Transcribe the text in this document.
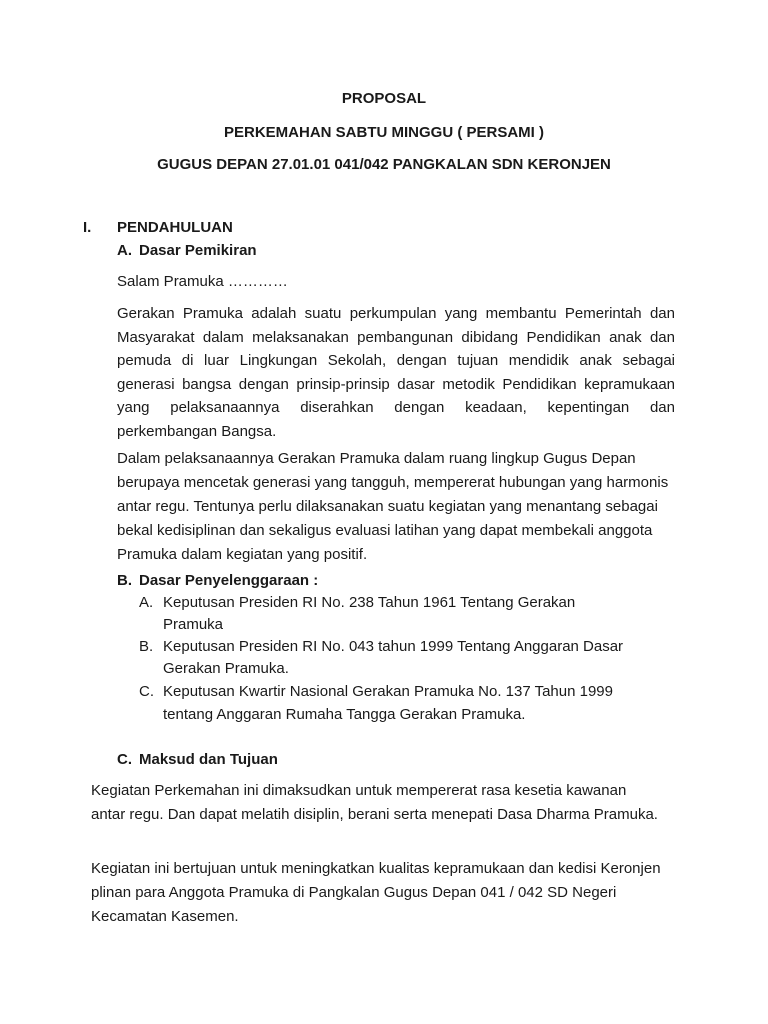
PROPOSAL
PERKEMAHAN SABTU MINGGU ( PERSAMI )
GUGUS DEPAN 27.01.01 041/042 PANGKALAN SDN KERONJEN
I. PENDAHULUAN
A. Dasar Pemikiran
Salam Pramuka …………
Gerakan Pramuka adalah suatu perkumpulan yang membantu Pemerintah dan Masyarakat dalam melaksanakan pembangunan dibidang Pendidikan anak dan pemuda di luar Lingkungan Sekolah, dengan tujuan mendidik anak sebagai generasi bangsa dengan prinsip-prinsip dasar metodik Pendidikan kepramukaan yang pelaksanaannya diserahkan dengan keadaan, kepentingan dan perkembangan Bangsa.
Dalam pelaksanaannya Gerakan Pramuka dalam ruang lingkup Gugus Depan berupaya mencetak generasi yang tangguh, mempererat hubungan yang harmonis antar regu. Tentunya perlu dilaksanakan suatu kegiatan yang menantang sebagai bekal kedisiplinan dan sekaligus evaluasi latihan yang dapat membekali anggota Pramuka dalam kegiatan yang positif.
B. Dasar Penyelenggaraan :
A. Keputusan Presiden RI No. 238 Tahun 1961 Tentang Gerakan
Pramuka
B. Keputusan Presiden RI No. 043 tahun 1999 Tentang Anggaran Dasar
Gerakan Pramuka.
C. Keputusan Kwartir Nasional Gerakan Pramuka No. 137 Tahun 1999
tentang Anggaran Rumaha Tangga Gerakan Pramuka.
C. Maksud dan Tujuan
Kegiatan Perkemahan ini dimaksudkan untuk mempererat rasa kesetia kawanan antar regu. Dan dapat melatih disiplin, berani serta menepati Dasa Dharma Pramuka.
Kegiatan ini bertujuan untuk meningkatkan kualitas kepramukaan dan kedisi Keronjen plinan para Anggota Pramuka di Pangkalan Gugus Depan 041 / 042 SD Negeri Kecamatan Kasemen.
